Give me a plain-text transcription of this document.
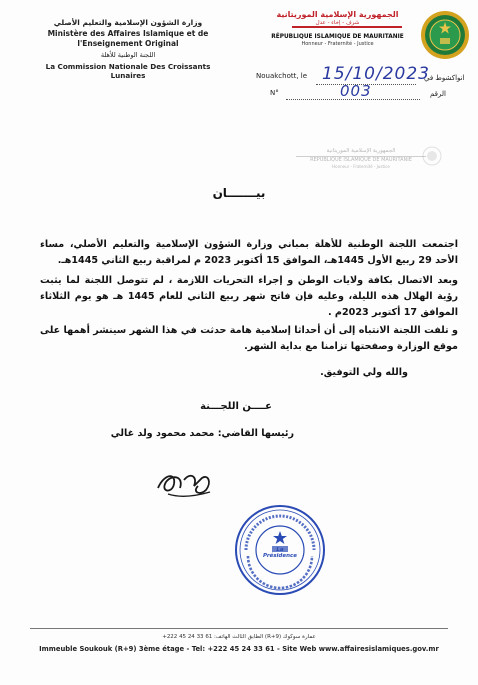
وزارة الشؤون الإسلامية والتعليم الأصلي
Ministère des Affaires Islamique et de l'Enseignement Original
اللجنة الوطنية للأهلة
La Commission Nationale Des Croissants Lunaires
الجمهورية الإسلامية الموريتانية
شرف - إخاء - عدل
RÉPUBLIQUE ISLAMIQUE DE MAURITANIE
Honneur - Fraternité - Justice
Nouakchott, le 15/10/2023
انواكشوط في
N°	003	الرقم
الجمهورية الإسلامية الموريتانية
REPUBLIQUE ISLAMIQUE DE MAURITANIE
Honneur - Fraternité - Justice
بيـــــــان

اجتمعت اللجنة الوطنية للأهلة بمباني وزارة الشؤون الإسلامية والتعليم الأصلي، مساء الأحد 29 ربيع الأول 1445هـ، الموافق 15 أكتوبر 2023 م لمراقبة ربيع الثاني 1445هـ.

وبعد الاتصال بكافة ولايات الوطن و إجراء التحريات اللازمة ، لم تتوصل اللجنة لما يثبت رؤية الهلال هذه الليلة، وعليه فإن فاتح شهر ربيع الثاني للعام 1445 هـ هو يوم الثلاثاء الموافق 17 أكتوبر 2023م .

و تلفت اللجنة الانتباه إلى أن أحداثا إسلامية هامة حدثت في هذا الشهر سينشر أهمها على موقع الوزارة وصفحتها تزامنا مع بداية الشهر.

والله ولي التوفيق.
عــــن اللجـــنة
رئيسها القاضي: محمد محمود ولد غالي
La Présidence
عمارة سوكوك (R+9) الطابق الثالث الهاتف: 61 33 24 45 222+
Immeuble Soukouk (R+9) 3ème étage - Tel: +222 45 24 33 61 - Site Web www.affairesislamiques.gov.mr
